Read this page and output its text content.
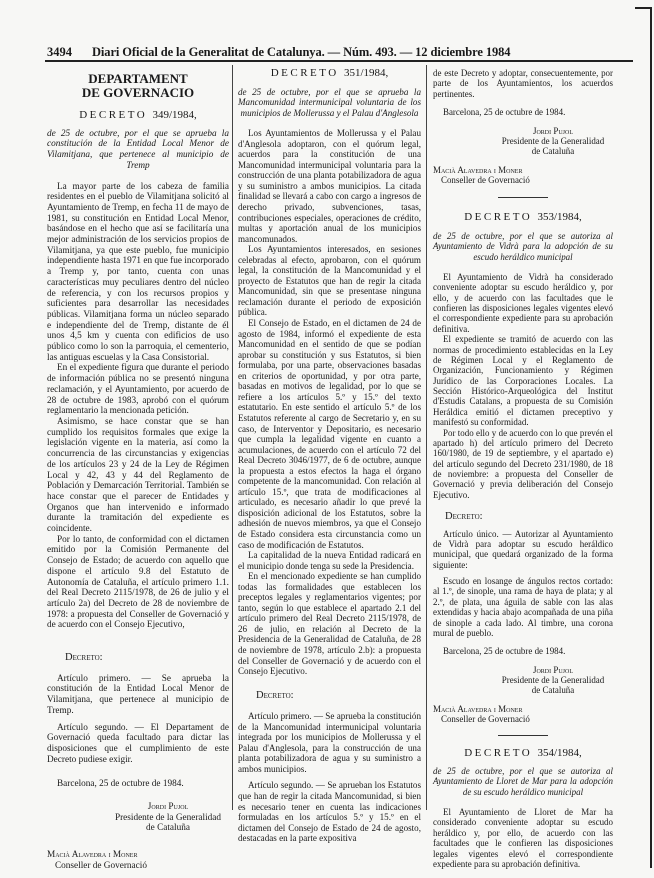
3494 Diari Oficial de la Generalitat de Catalunya. — Núm. 493. — 12 diciembre 1984
DEPARTAMENT
DE GOVERNACIO
DECRETO 349/1984,
de 25 de octubre, por el que se aprueba la constitución de la Entidad Local Menor de Vilamitjana, que pertenece al municipio de Tremp

La mayor parte de los cabeza de familia residentes en el pueblo de Vilamitjana solicitó al Ayuntamiento de Tremp, en fecha 11 de mayo de 1981, su constitución en Entidad Local Menor, basándose en el hecho que así se facilitaría una mejor administración de los servicios propios de Vilamitjana, ya que este pueblo, fue municipio independiente hasta 1971 en que fue incorporado a Tremp y, por tanto, cuenta con unas características muy peculiares dentro del núcleo de referencia, y con los recursos propios y suficientes para desarrollar las necesidades públicas. Vilamitjana forma un núcleo separado e independiente del de Tremp, distante de él unos 4,5 km y cuenta con edificios de uso público como lo son la parroquia, el cementerio, las antiguas escuelas y la Casa Consistorial.

En el expediente figura que durante el periodo de información pública no se presentó ninguna reclamación, y el Ayuntamiento, por acuerdo de 28 de octubre de 1983, aprobó con el quórum reglamentario la mencionada petición.

Asimismo, se hace constar que se han cumplido los requisitos formales que exige la legislación vigente en la materia, así como la concurrencia de las circunstancias y exigencias de los artículos 23 y 24 de la Ley de Régimen Local y 42, 43 y 44 del Reglamento de Población y Demarcación Territorial. También se hace constar que el parecer de Entidades y Organos que han intervenido e informado durante la tramitación del expediente es coincidente.

Por lo tanto, de conformidad con el dictamen emitido por la Comisión Permanente del Consejo de Estado; de acuerdo con aquello que dispone el artículo 9.8 del Estatuto de Autonomía de Cataluña, el artículo primero 1.1. del Real Decreto 2115/1978, de 26 de julio y el artículo 2a) del Decreto de 28 de noviembre de 1978: a propuesta del Conseller de Governació y de acuerdo con el Consejo Ejecutivo,

Decreto:

Artículo primero. — Se aprueba la constitución de la Entidad Local Menor de Vilamitjana, que pertenece al municipio de Tremp.

Artículo segundo. — El Departament de Governació queda facultado para dictar las disposiciones que el cumplimiento de este Decreto pudiese exigir.

Barcelona, 25 de octubre de 1984.

Jordi Pujol
Presidente de la Generalidad
de Cataluña
Macià Alavedra i Moner
Conseller de Governació
DECRETO 351/1984,
de 25 de octubre, por el que se aprueba la Mancomunidad intermunicipal voluntaria de los municipios de Mollerussa y el Palau d'Anglesola

Los Ayuntamientos de Mollerussa y el Palau d'Anglesola adoptaron, con el quórum legal, acuerdos para la constitución de una Mancomunidad intermunicipal voluntaria para la construcción de una planta potabilizadora de agua y su suministro a ambos municipios. La citada finalidad se llevará a cabo con cargo a ingresos de derecho privado, subvenciones, tasas, contribuciones especiales, operaciones de crédito, multas y aportación anual de los municipios mancomunados.

Los Ayuntamientos interesados, en sesiones celebradas al efecto, aprobaron, con el quórum legal, la constitución de la Mancomunidad y el proyecto de Estatutos que han de regir la citada Mancomunidad, sin que se presentase ninguna reclamación durante el periodo de exposición pública.

El Consejo de Estado, en el dictamen de 24 de agosto de 1984, informó el expediente de esta Mancomunidad en el sentido de que se podían aprobar su constitución y sus Estatutos, si bien formulaba, por una parte, observaciones basadas en criterios de oportunidad, y por otra parte, basadas en motivos de legalidad, por lo que se refiere a los artículos 5.º y 15.º del texto estatutario. En este sentido el artículo 5.º de los Estatutos referente al cargo de Secretario y, en su caso, de Interventor y Depositario, es necesario que cumpla la legalidad vigente en cuanto a acumulaciones, de acuerdo con el artículo 72 del Real Decreto 3046/1977, de 6 de octubre, aunque la propuesta a estos efectos la haga el órgano competente de la mancomunidad. Con relación al artículo 15.º, que trata de modificaciones al articulado, es necesario añadir lo que prevé la disposición adicional de los Estatutos, sobre la adhesión de nuevos miembros, ya que el Consejo de Estado considera esta circunstancia como un caso de modificación de Estatutos.

La capitalidad de la nueva Entidad radicará en el municipio donde tenga su sede la Presidencia.

En el mencionado expediente se han cumplido todas las formalidades que establecen los preceptos legales y reglamentarios vigentes; por tanto, según lo que establece el apartado 2.1 del artículo primero del Real Decreto 2115/1978, de 26 de julio, en relación al Decreto de la Presidencia de la Generalidad de Cataluña, de 28 de noviembre de 1978, artículo 2.b): a propuesta del Conseller de Governació y de acuerdo con el Consejo Ejecutivo.

Decreto:

Artículo primero. — Se aprueba la constitución de la Mancomunidad intermunicipal voluntaria integrada por los municipios de Mollerussa y el Palau d'Anglesola, para la construcción de una planta potabilizadora de agua y su suministro a ambos municipios.

Artículo segundo. — Se aprueban los Estatutos que han de regir la citada Mancomunidad, si bien es necesario tener en cuenta las indicaciones formuladas en los artículos 5.º y 15.º en el dictamen del Consejo de Estado de 24 de agosto, destacadas en la parte expositiva

de este Decreto y adoptar, consecuentemente, por parte de los Ayuntamientos, los acuerdos pertinentes.

Barcelona, 25 de octubre de 1984.

Jordi Pujol
Presidente de la Generalidad
de Cataluña
Macià Alavedra i Moner
Conseller de Governació
DECRETO 353/1984,
de 25 de octubre, por el que se autoriza al Ayuntamiento de Vidrà para la adopción de su escudo heráldico municipal

El Ayuntamiento de Vidrà ha considerado conveniente adoptar su escudo heráldico y, por ello, y de acuerdo con las facultades que le confieren las disposiciones legales vigentes elevó el correspondiente expediente para su aprobación definitiva.

El expediente se tramitó de acuerdo con las normas de procedimiento establecidas en la Ley de Régimen Local y el Reglamento de Organización, Funcionamiento y Régimen Jurídico de las Corporaciones Locales. La Sección Histórico-Arqueológica del Institut d'Estudis Catalans, a propuesta de su Comisión Heráldica emitió el dictamen preceptivo y manifestó su conformidad.

Por todo ello y de acuerdo con lo que prevén el apartado h) del artículo primero del Decreto 160/1980, de 19 de septiembre, y el apartado e) del artículo segundo del Decreto 231/1980, de 18 de noviembre: a propuesta del Conseller de Governació y previa deliberación del Consejo Ejecutivo.

Decreto:

Artículo único. — Autorizar al Ayuntamiento de Vidrà para adoptar su escudo heráldico municipal, que quedará organizado de la forma siguiente:

Escudo en losange de ángulos rectos cortado: al 1.º, de sinople, una rama de haya de plata; y al 2.º, de plata, una águila de sable con las alas extendidas y hacia abajo acompañada de una piña de sinople a cada lado. Al timbre, una corona mural de pueblo.

Barcelona, 25 de octubre de 1984.

Jordi Pujol
Presidente de la Generalidad
de Cataluña
Macià Alavedra i Moner
Conseller de Governació
DECRETO 354/1984,
de 25 de octubre, por el que se autoriza al Ayuntamiento de Lloret de Mar para la adopción de su escudo heráldico municipal

El Ayuntamiento de Lloret de Mar ha considerado conveniente adoptar su escudo heráldico y, por ello, de acuerdo con las facultades que le confieren las disposiciones legales vigentes elevó el correspondiente expediente para su aprobación definitiva.
